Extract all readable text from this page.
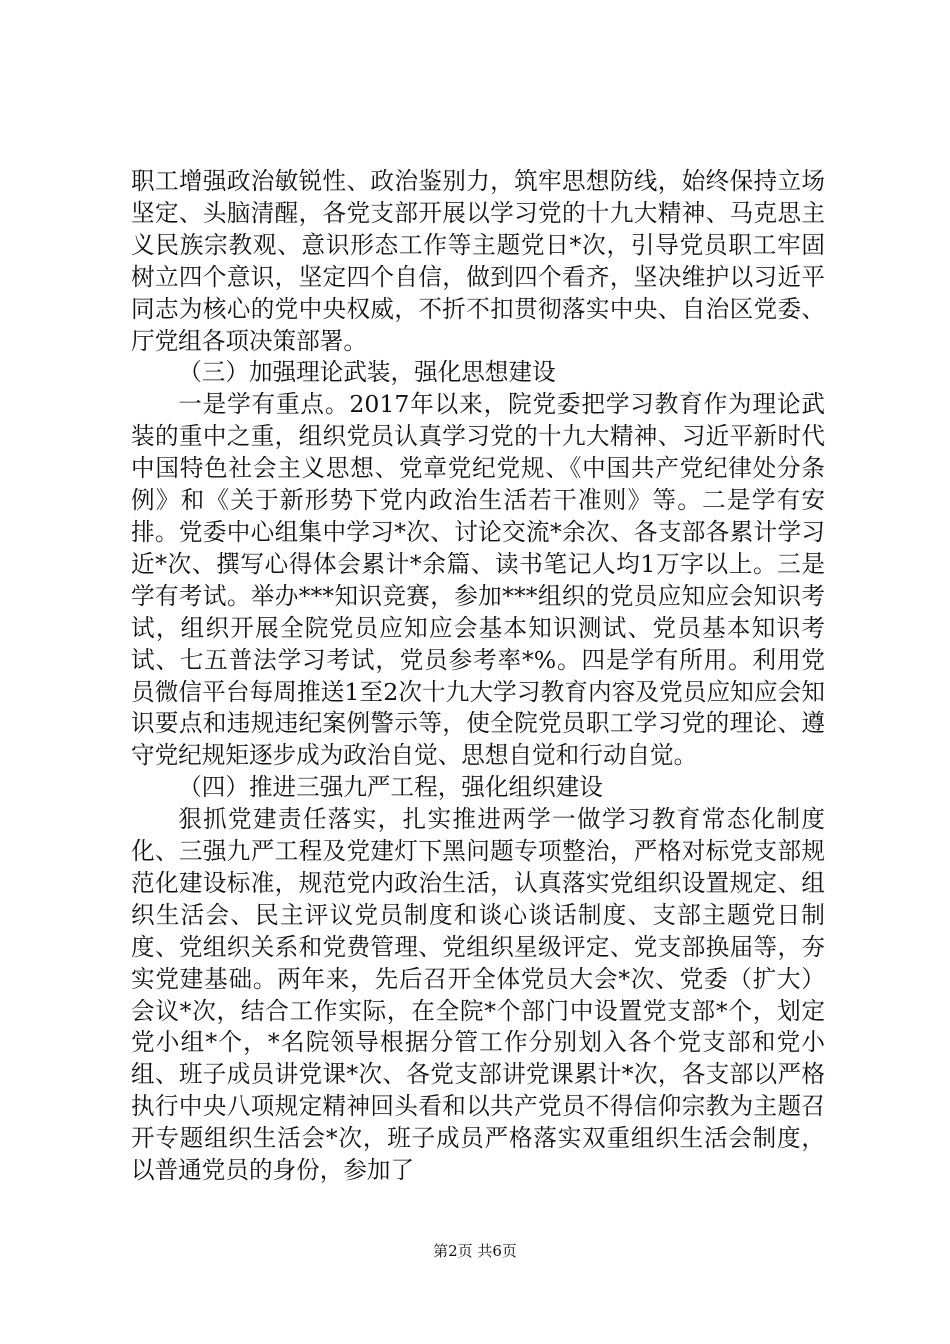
职工增强政治敏锐性、政治鉴别力，筑牢思想防线，始终保持立场坚定、头脑清醒，各党支部开展以学习党的十九大精神、马克思主义民族宗教观、意识形态工作等主题党日*次，引导党员职工牢固树立四个意识，坚定四个自信，做到四个看齐，坚决维护以习近平同志为核心的党中央权威，不折不扣贯彻落实中央、自治区党委、厅党组各项决策部署。

（三）加强理论武装，强化思想建设

一是学有重点。2017年以来，院党委把学习教育作为理论武装的重中之重，组织党员认真学习党的十九大精神、习近平新时代中国特色社会主义思想、党章党纪党规、《中国共产党纪律处分条例》和《关于新形势下党内政治生活若干准则》等。二是学有安排。党委中心组集中学习*次、讨论交流*余次、各支部各累计学习近*次、撰写心得体会累计*余篇、读书笔记人均1万字以上。三是学有考试。举办***知识竞赛，参加***组织的党员应知应会知识考试，组织开展全院党员应知应会基本知识测试、党员基本知识考试、七五普法学习考试，党员参考率*%。四是学有所用。利用党员微信平台每周推送1至2次十九大学习教育内容及党员应知应会知识要点和违规违纪案例警示等，使全院党员职工学习党的理论、遵守党纪规矩逐步成为政治自觉、思想自觉和行动自觉。

（四）推进三强九严工程，强化组织建设

狠抓党建责任落实，扎实推进两学一做学习教育常态化制度化、三强九严工程及党建灯下黑问题专项整治，严格对标党支部规范化建设标准，规范党内政治生活，认真落实党组织设置规定、组织生活会、民主评议党员制度和谈心谈话制度、支部主题党日制度、党组织关系和党费管理、党组织星级评定、党支部换届等，夯实党建基础。两年来，先后召开全体党员大会*次、党委（扩大）会议*次，结合工作实际，在全院*个部门中设置党支部*个，划定党小组*个，*名院领导根据分管工作分别划入各个党支部和党小组、班子成员讲党课*次、各党支部讲党课累计*次，各支部以严格执行中央八项规定精神回头看和以共产党员不得信仰宗教为主题召开专题组织生活会*次，班子成员严格落实双重组织生活会制度，以普通党员的身份，参加了

第2页 共6页
